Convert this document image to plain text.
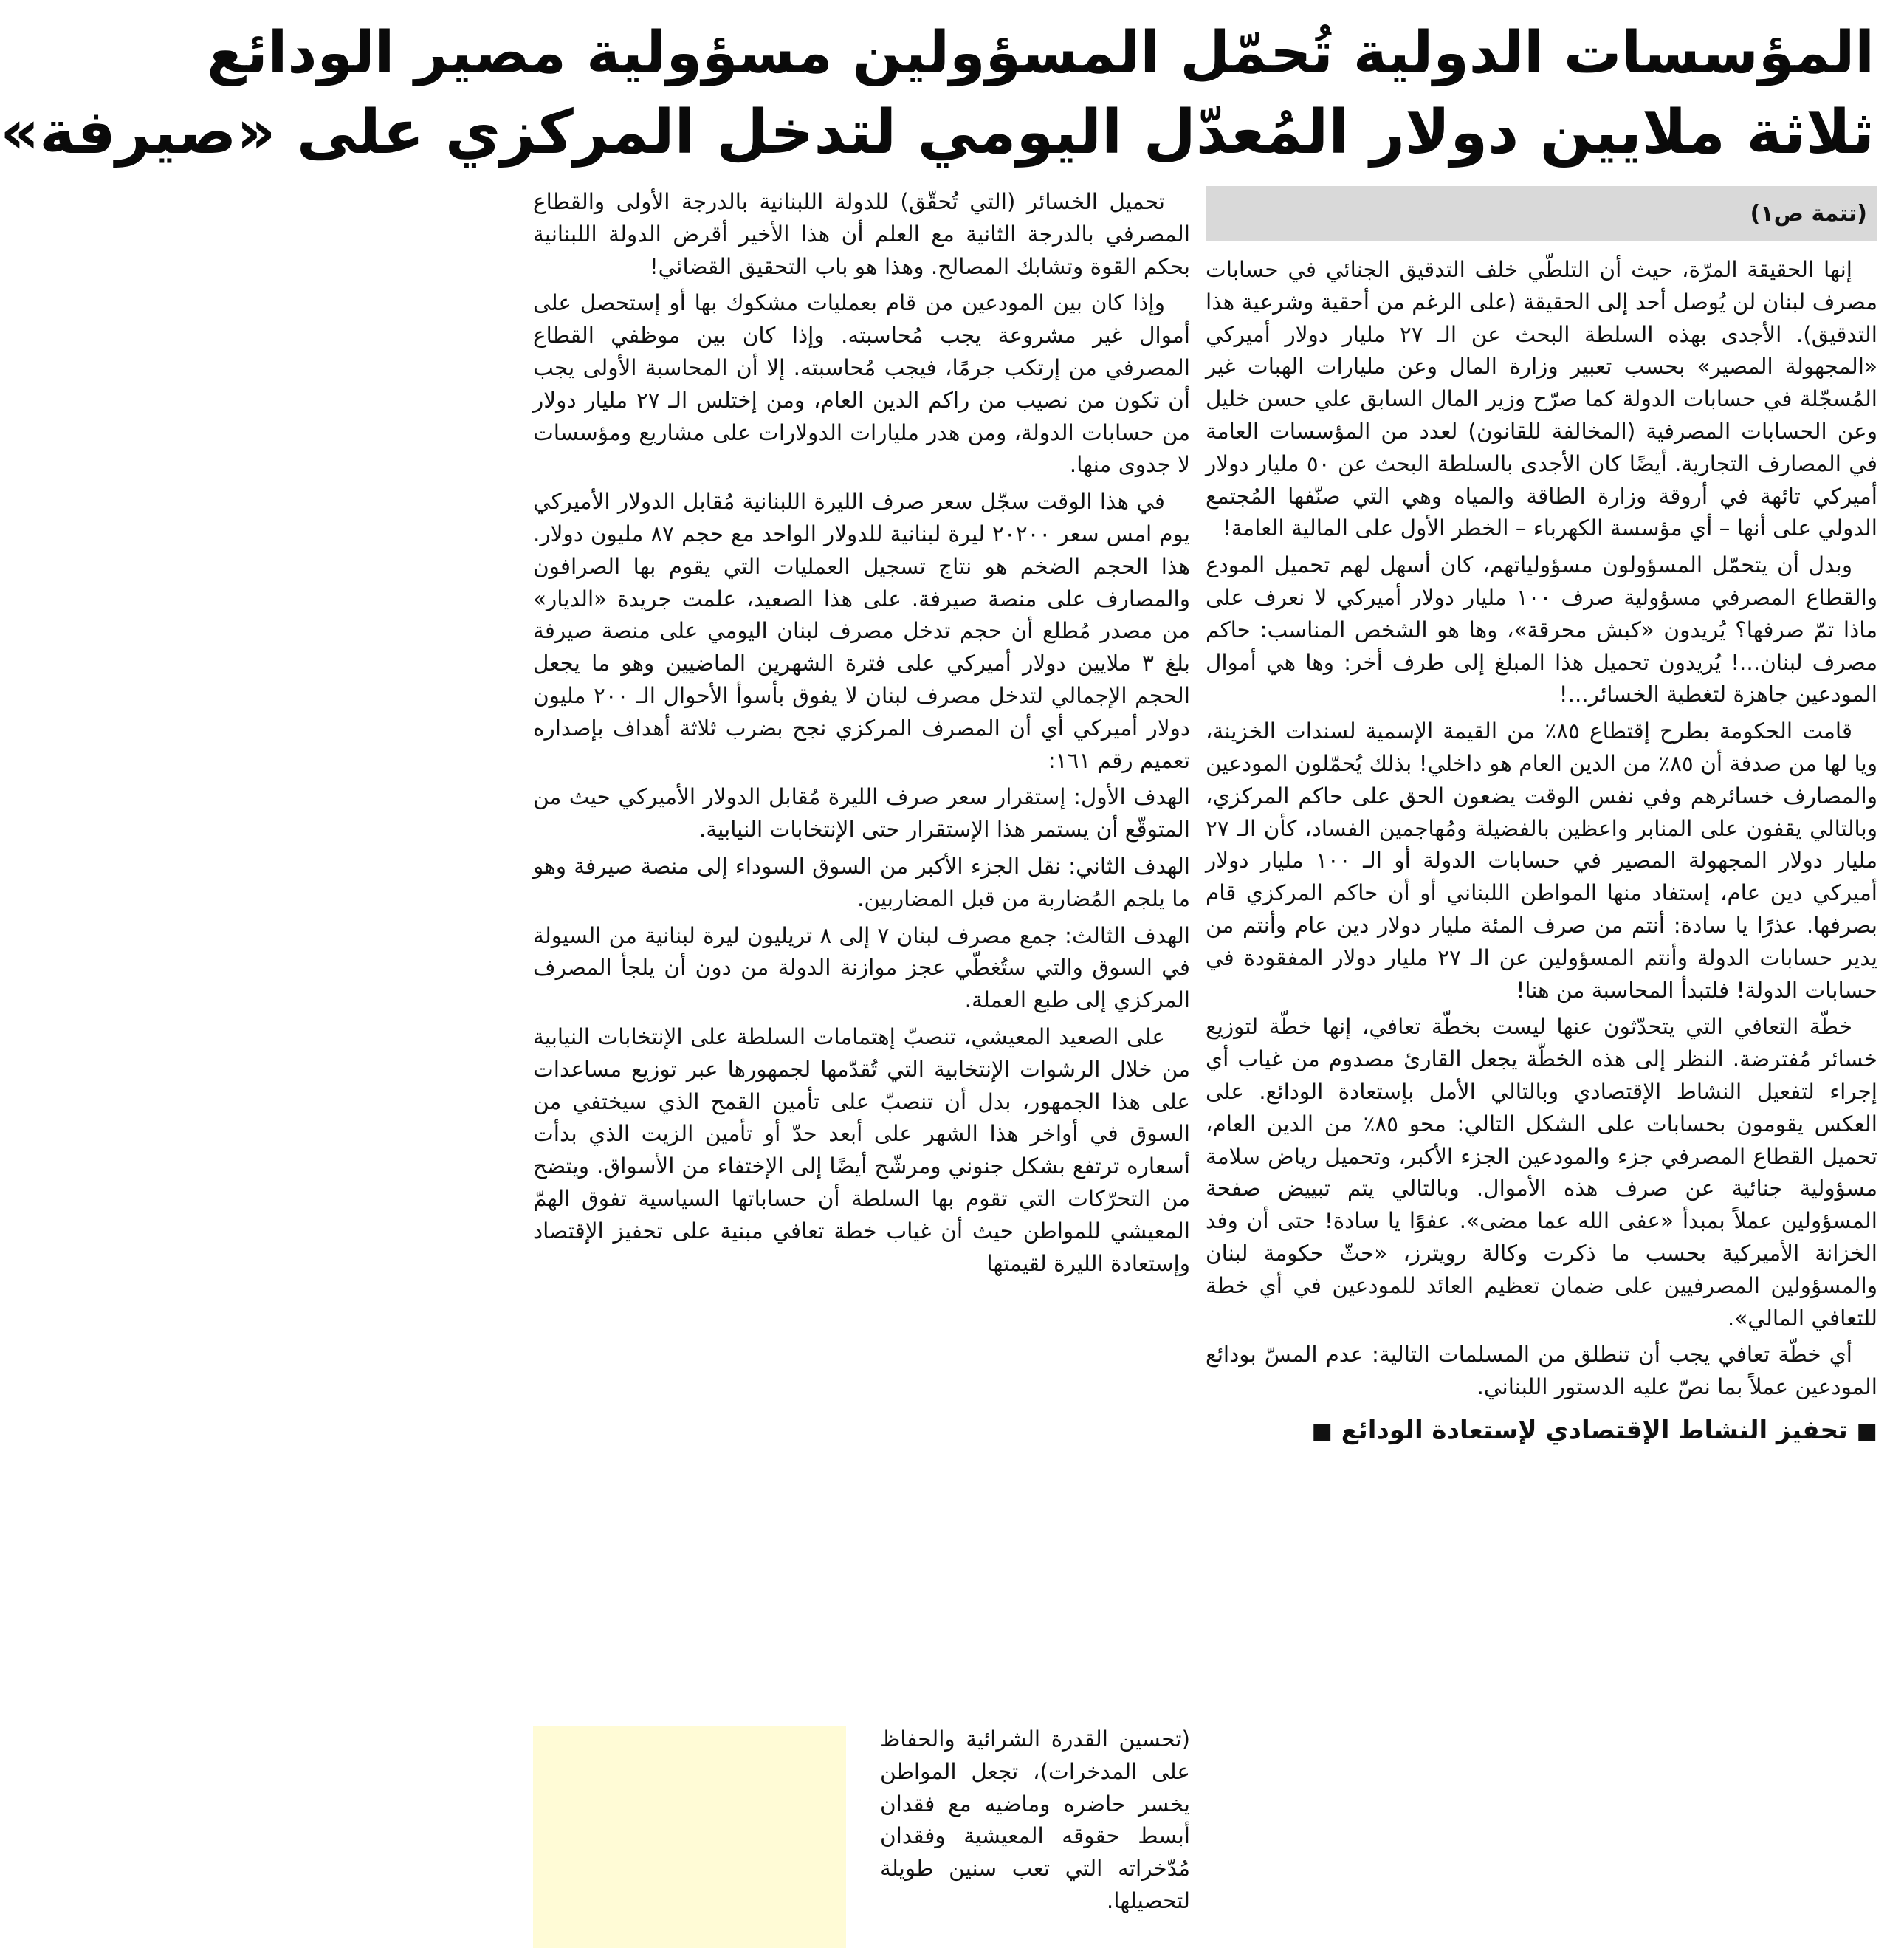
المؤسسات الدولية تُحمّل المسؤولين مسؤولية مصير الودائع
ثلاثة ملايين دولار المُعدّل اليومي لتدخل المركزي على «صيرفة»
(تتمة ص١)

إنها الحقيقة المرّة، حيث أن التلطّي خلف التدقيق الجنائي في حسابات مصرف لبنان لن يُوصل أحد إلى الحقيقة (على الرغم من أحقية وشرعية هذا التدقيق). الأجدى بهذه السلطة البحث عن الـ ٢٧ مليار دولار أميركي «المجهولة المصير» بحسب تعبير وزارة المال وعن مليارات الهبات غير المُسجّلة في حسابات الدولة كما صرّح وزير المال السابق علي حسن خليل وعن الحسابات المصرفية (المخالفة للقانون) لعدد من المؤسسات العامة في المصارف التجارية. أيضًا كان الأجدى بالسلطة البحث عن ٥٠ مليار دولار أميركي تائهة في أروقة وزارة الطاقة والمياه وهي التي صنّفها المُجتمع الدولي على أنها – أي مؤسسة الكهرباء – الخطر الأول على المالية العامة!

وبدل أن يتحمّل المسؤولون مسؤولياتهم، كان أسهل لهم تحميل المودع والقطاع المصرفي مسؤولية صرف ١٠٠ مليار دولار أميركي لا نعرف على ماذا تمّ صرفها؟ يُريدون «كبش محرقة»، وها هو الشخص المناسب: حاكم مصرف لبنان...! يُريدون تحميل هذا المبلغ إلى طرف أخر: وها هي أموال المودعين جاهزة لتغطية الخسائر...!

قامت الحكومة بطرح إقتطاع ٨٥٪ من القيمة الإسمية لسندات الخزينة، ويا لها من صدفة أن ٨٥٪ من الدين العام هو داخلي! بذلك يُحمّلون المودعين والمصارف خسائرهم وفي نفس الوقت يضعون الحق على حاكم المركزي، وبالتالي يقفون على المنابر واعظين بالفضيلة ومُهاجمين الفساد، كأن الـ ٢٧ مليار دولار المجهولة المصير في حسابات الدولة أو الـ ١٠٠ مليار دولار أميركي دين عام، إستفاد منها المواطن اللبناني أو أن حاكم المركزي قام بصرفها. عذرًا يا سادة: أنتم من صرف المئة مليار دولار دين عام وأنتم من يدير حسابات الدولة وأنتم المسؤولين عن الـ ٢٧ مليار دولار المفقودة في حسابات الدولة! فلتبدأ المحاسبة من هنا!

خطّة التعافي التي يتحدّثون عنها ليست بخطّة تعافي، إنها خطّة لتوزيع خسائر مُفترضة. النظر إلى هذه الخطّة يجعل القارئ مصدوم من غياب أي إجراء لتفعيل النشاط الإقتصادي وبالتالي الأمل بإستعادة الودائع. على العكس يقومون بحسابات على الشكل التالي: محو ٨٥٪ من الدين العام، تحميل القطاع المصرفي جزء والمودعين الجزء الأكبر، وتحميل رياض سلامة مسؤولية جنائية عن صرف هذه الأموال. وبالتالي يتم تبييض صفحة المسؤولين عملاً بمبدأ «عفى الله عما مضى». عفوًا يا سادة! حتى أن وفد الخزانة الأميركية بحسب ما ذكرت وكالة رويترز، «حثّ حكومة لبنان والمسؤولين المصرفيين على ضمان تعظيم العائد للمودعين في أي خطة للتعافي المالي».

أي خطّة تعافي يجب أن تنطلق من المسلمات التالية: عدم المسّ بودائع المودعين عملاً بما نصّ عليه الدستور اللبناني.

■ تحفيز النشاط الإقتصادي لإستعادة الودائع ■

تحميل الخسائر (التي تُحقّق) للدولة اللبنانية بالدرجة الأولى والقطاع المصرفي بالدرجة الثانية مع العلم أن هذا الأخير أقرض الدولة اللبنانية بحكم القوة وتشابك المصالح. وهذا هو باب التحقيق القضائي!

وإذا كان بين المودعين من قام بعمليات مشكوك بها أو إستحصل على أموال غير مشروعة يجب مُحاسبته. وإذا كان بين موظفي القطاع المصرفي من إرتكب جرمًا، فيجب مُحاسبته. إلا أن المحاسبة الأولى يجب أن تكون من نصيب من راكم الدين العام، ومن إختلس الـ ٢٧ مليار دولار من حسابات الدولة، ومن هدر مليارات الدولارات على مشاريع ومؤسسات لا جدوى منها.

في هذا الوقت سجّل سعر صرف الليرة اللبنانية مُقابل الدولار الأميركي يوم امس سعر ٢٠٢٠٠ ليرة لبنانية للدولار الواحد مع حجم ٨٧ مليون دولار. هذا الحجم الضخم هو نتاج تسجيل العمليات التي يقوم بها الصرافون والمصارف على منصة صيرفة. على هذا الصعيد، علمت جريدة «الديار» من مصدر مُطلع أن حجم تدخل مصرف لبنان اليومي على منصة صيرفة بلغ ٣ ملايين دولار أميركي على فترة الشهرين الماضيين وهو ما يجعل الحجم الإجمالي لتدخل مصرف لبنان لا يفوق بأسوأ الأحوال الـ ٢٠٠ مليون دولار أميركي أي أن المصرف المركزي نجح بضرب ثلاثة أهداف بإصداره تعميم رقم ١٦١:

الهدف الأول: إستقرار سعر صرف الليرة مُقابل الدولار الأميركي حيث من المتوقّع أن يستمر هذا الإستقرار حتى الإنتخابات النيابية.

الهدف الثاني: نقل الجزء الأكبر من السوق السوداء إلى منصة صيرفة وهو ما يلجم المُضاربة من قبل المضاربين.

الهدف الثالث: جمع مصرف لبنان ٧ إلى ٨ تريليون ليرة لبنانية من السيولة في السوق والتي ستُغطّي عجز موازنة الدولة من دون أن يلجأ المصرف المركزي إلى طبع العملة.

على الصعيد المعيشي، تنصبّ إهتمامات السلطة على الإنتخابات النيابية من خلال الرشوات الإنتخابية التي تُقدّمها لجمهورها عبر توزيع مساعدات على هذا الجمهور، بدل أن تنصبّ على تأمين القمح الذي سيختفي من السوق في أواخر هذا الشهر على أبعد حدّ أو تأمين الزيت الذي بدأت أسعاره ترتفع بشكل جنوني ومرشّح أيضًا إلى الإختفاء من الأسواق. ويتضح من التحرّكات التي تقوم بها السلطة أن حساباتها السياسية تفوق الهمّ المعيشي للمواطن حيث أن غياب خطة تعافي مبنية على تحفيز الإقتصاد وإستعادة الليرة لقيمتها

(تحسين القدرة الشرائية والحفاظ على المدخرات)، تجعل المواطن يخسر حاضره وماضيه مع فقدان أبسط حقوقه المعيشية وفقدان مُدّخراته التي تعب سنين طويلة لتحصيلها.
